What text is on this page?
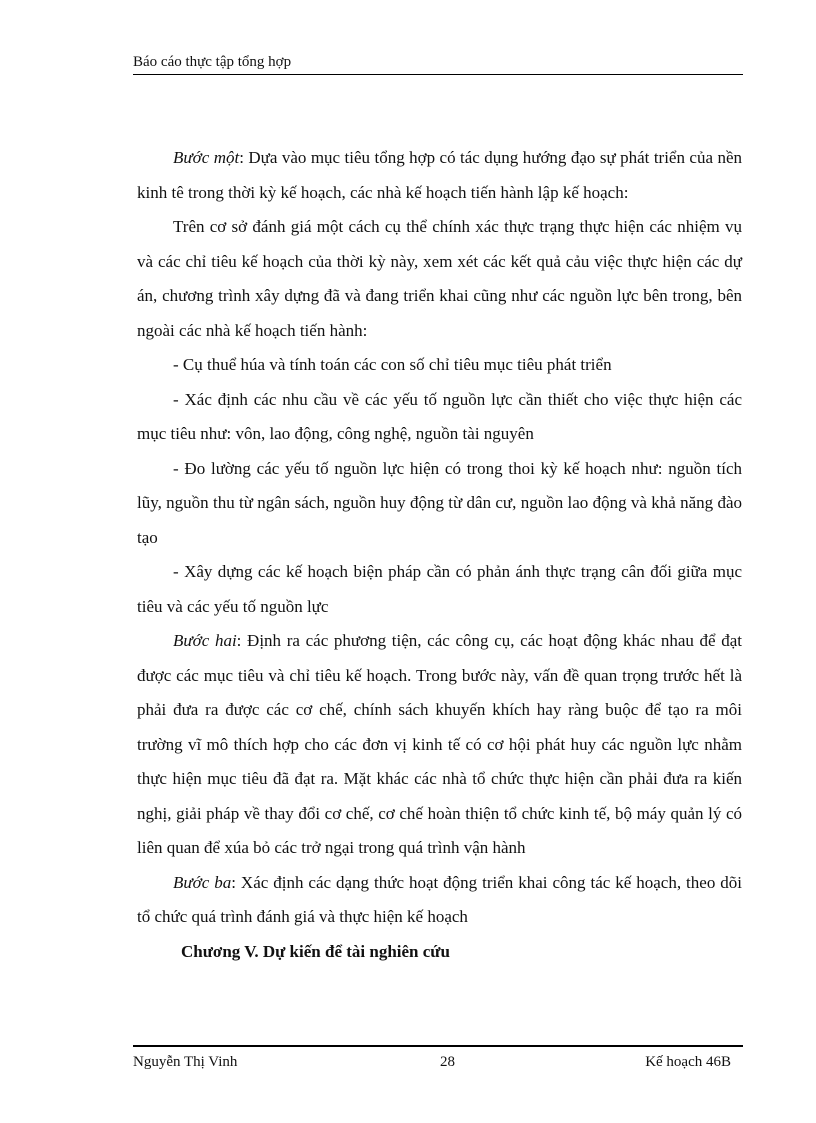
Báo cáo thực tập tổng hợp

Bước một: Dựa vào mục tiêu tổng hợp có tác dụng hướng đạo sự phát triển của nền kinh tê trong thời kỳ kế hoạch, các nhà kế hoạch tiến hành lập kế hoạch:

Trên cơ sở đánh giá một cách cụ thể chính xác thực trạng thực hiện các nhiệm vụ và các chỉ tiêu kế hoạch của thời kỳ này, xem xét các kết quả cảu việc thực hiện các dự án, chương trình xây dựng đã và đang triển khai cũng như các nguồn lực bên trong, bên ngoài các nhà kế hoạch tiến hành:

- Cụ thuể húa và tính toán các con số chỉ tiêu mục tiêu phát triển

- Xác định các nhu cầu về các yếu tố nguồn lực cần thiết cho việc thực hiện các mục tiêu như: vôn, lao động, công nghệ, nguồn tài nguyên

- Đo lường các yếu tố nguồn lực hiện có trong thoi kỳ kế hoạch như: nguồn tích lũy, nguồn thu từ ngân sách, nguồn huy động từ dân cư, nguồn lao động và khả năng đào tạo

- Xây dựng các kế hoạch biện pháp cần có phản ánh thực trạng cân đối giữa mục tiêu và các yếu tố nguồn lực

Bước hai: Định ra các phương tiện, các công cụ, các hoạt động khác nhau để đạt được các mục tiêu và chỉ tiêu kế hoạch. Trong bước này, vấn đề quan trọng trước hết là phải đưa ra được các cơ chế, chính sách khuyến khích hay ràng buộc để tạo ra môi trường vĩ mô thích hợp cho các đơn vị kinh tế có cơ hội phát huy các nguồn lực nhằm thực hiện mục tiêu đã đạt ra. Mặt khác các nhà tổ chức thực hiện cần phải đưa ra kiến nghị, giải pháp về thay đổi cơ chế, cơ chế hoàn thiện tổ chức kinh tế, bộ máy quản lý có liên quan để xúa bỏ các trở ngại trong quá trình vận hành

Bước ba: Xác định các dạng thức hoạt động triển khai công tác kế hoạch, theo dõi tổ chức quá trình đánh giá và thực hiện kế hoạch

Chương V. Dự kiến để tài nghiên cứu

Nguyễn Thị Vinh	28	Kế hoạch 46B
